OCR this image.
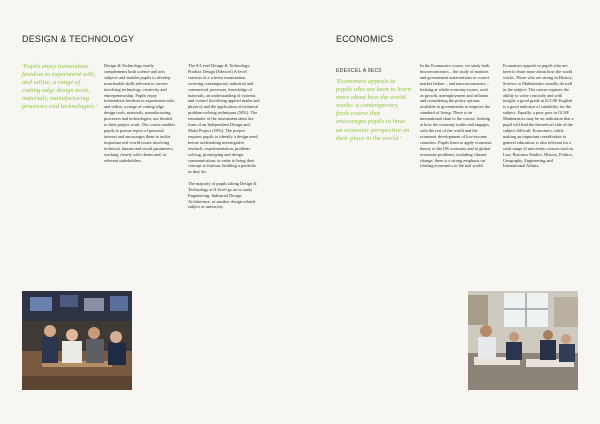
DESIGN & TECHNOLOGY

'Pupils enjoy tremendous freedom to experiment with, and utilise, a range of cutting-edge design tools, materials, manufacturing processes and technologies.'

Design & Technology neatly complements both science and arts subjects and enables pupils to develop transferable skills relevant to careers involving technology, creativity and entrepreneurship. Pupils enjoy tremendous freedom to experiment with, and utilise, a range of cutting edge design tools, materials, manufacturing processes and technologies, not limited to their project work. The course enables pupils to pursue topics of personal interest and encourages them to tackle important real-world issues involving technical, human and social parameters, working closely with clients and/ or relevant stakeholders.

The A-Level Design & Technology: Product Design (Edexcel) A-level consists of a written examination covering contemporary industrial and commercial processes, knowledge of materials, an understanding of systems and control (involving applied maths and physics) and the application of technical problem-solving techniques (50%). The remainder of the assessment takes the form of an Independent Design and Make Project (50%). The project requires pupils to identify a design need, before undertaking investigative research, experimentation, problem-solving, prototyping and design communication, in order to bring their concept to fruition, building a portfolio as they do.

The majority of pupils taking Design & Technology at A-level go on to study Engineering, Industrial Design, Architecture, or another design-related subject at university.

ECONOMICS
EDEXCEL A 9EC0

'Economics appeals to pupils who are keen to learn more about how the world works: a contemporary, fresh course that encourages pupils to have an economic perspective on their place in the world.'

In the Economics course, we study both microeconomics – the study of markets and government interventions to correct market failure – and macroeconomics – looking at whole economy issues, such as growth, unemployment and inflation and considering the policy options available to governments to improve the standard of living. There is an international slant to the course, looking at how the economy trades and engages with the rest of the world and the economic development of low-income countries. Pupils learn to apply economic theory to the UK economy and to global economic problems, including climate change; there is a strong emphasis on relating economics to the real world.

Economics appeals to pupils who are keen to learn more about how the world works. Those who are strong in History, Science or Mathematics usually do well in the subject. The course requires the ability to write concisely and with insight: a good grade in IGCSE English is a good indicator of suitability for the subject. Equally, a poor pass in GCSE Mathematics may be an indication that a pupil will find the theoretical side of the subject difficult. Economics, while making an important contribution to general education, is also relevant for a wide range of university courses such as Law, Business Studies, History, Politics, Geography, Engineering and International Affairs.
